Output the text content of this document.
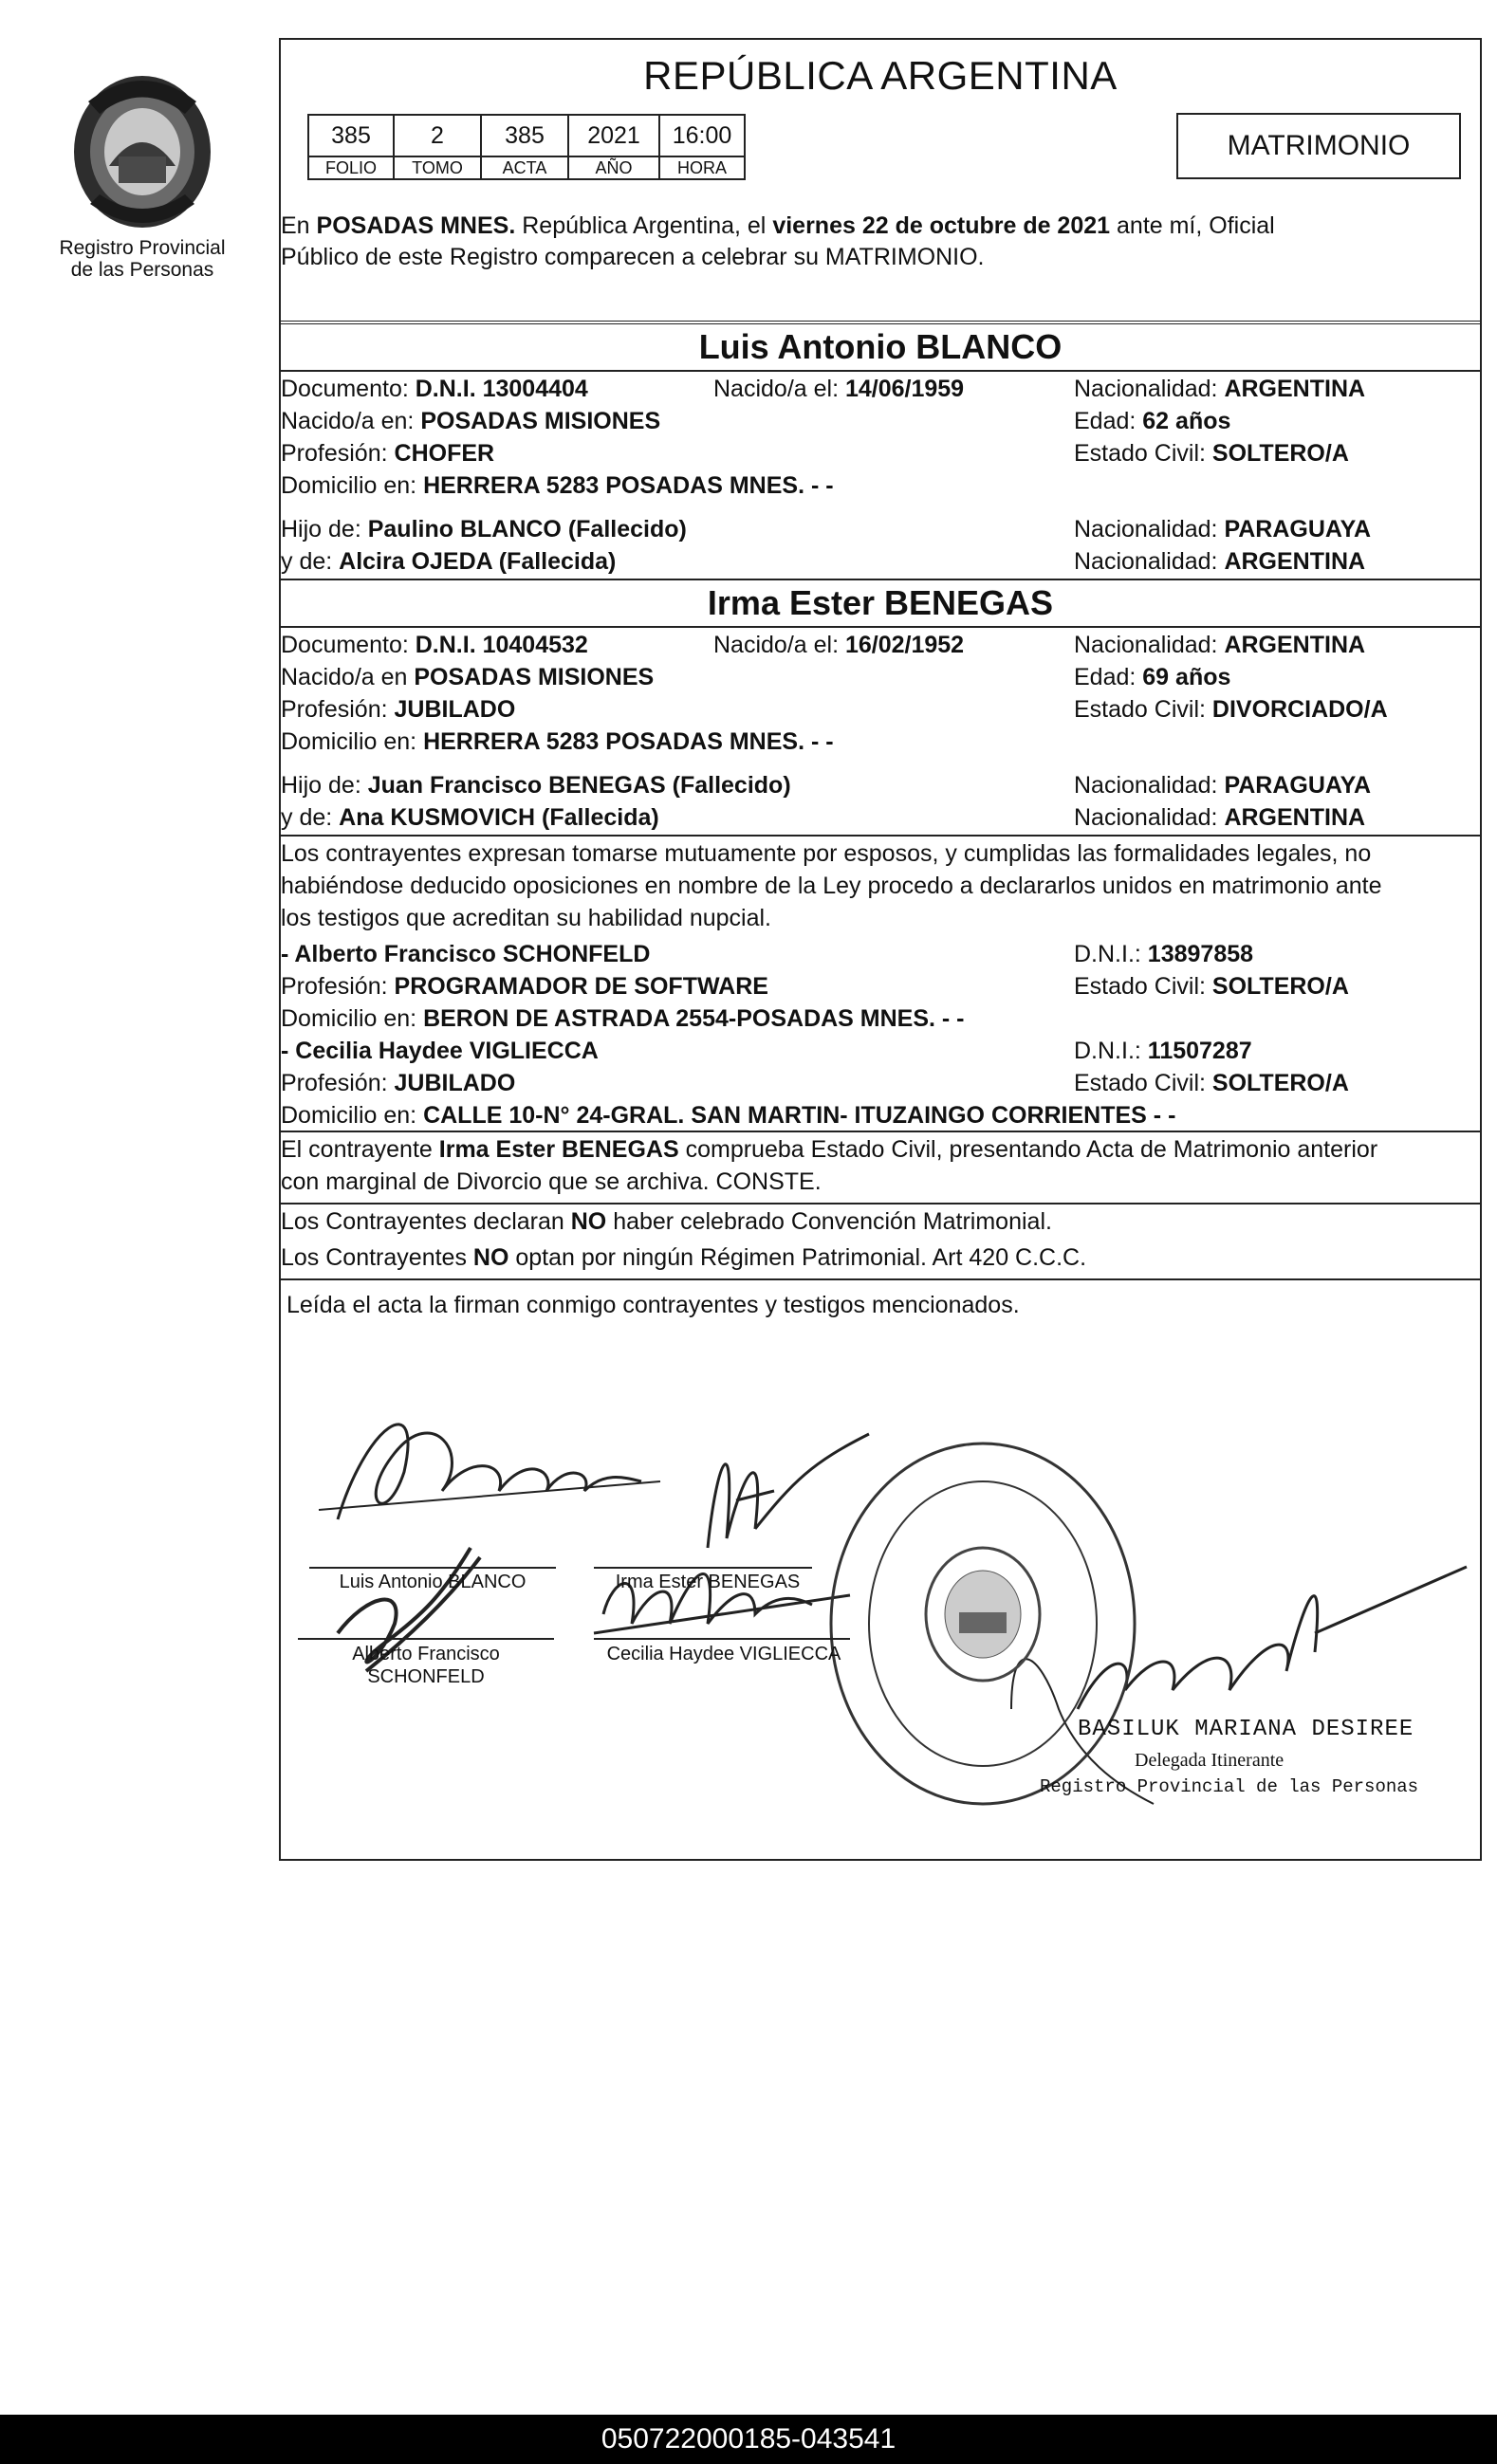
Registro Provincial
de las Personas
REPÚBLICA ARGENTINA
385	2	385	2021	16:00
FOLIO	TOMO	ACTA	AÑO	HORA
MATRIMONIO
En POSADAS MNES. República Argentina, el viernes 22 de octubre de 2021 ante mí, Oficial
Público de este Registro comparecen a celebrar su MATRIMONIO.
Luis Antonio BLANCO
Documento: D.N.I. 13004404	Nacido/a el: 14/06/1959	Nacionalidad: ARGENTINA
Nacido/a en: POSADAS MISIONES	Edad: 62 años
Profesión: CHOFER	Estado Civil: SOLTERO/A
Domicilio en: HERRERA 5283 POSADAS MNES. - -
Hijo de: Paulino BLANCO (Fallecido)	Nacionalidad: PARAGUAYA
y de: Alcira OJEDA (Fallecida)	Nacionalidad: ARGENTINA
Irma Ester BENEGAS
Documento: D.N.I. 10404532	Nacido/a el: 16/02/1952	Nacionalidad: ARGENTINA
Nacido/a en POSADAS MISIONES	Edad: 69 años
Profesión: JUBILADO	Estado Civil: DIVORCIADO/A
Domicilio en: HERRERA 5283 POSADAS MNES. - -
Hijo de: Juan Francisco BENEGAS (Fallecido)	Nacionalidad: PARAGUAYA
y de: Ana KUSMOVICH (Fallecida)	Nacionalidad: ARGENTINA
Los contrayentes expresan tomarse mutuamente por esposos, y cumplidas las formalidades legales, no
habiéndose deducido oposiciones en nombre de la Ley procedo a declararlos unidos en matrimonio ante
los testigos que acreditan su habilidad nupcial.
- Alberto Francisco SCHONFELD	D.N.I.: 13897858
Profesión: PROGRAMADOR DE SOFTWARE	Estado Civil: SOLTERO/A
Domicilio en: BERON DE ASTRADA 2554-POSADAS MNES. - -
- Cecilia Haydee VIGLIECCA	D.N.I.: 11507287
Profesión: JUBILADO	Estado Civil: SOLTERO/A
Domicilio en: CALLE 10-N° 24-GRAL. SAN MARTIN- ITUZAINGO CORRIENTES - -
El contrayente Irma Ester BENEGAS comprueba Estado Civil, presentando Acta de Matrimonio anterior
con marginal de Divorcio que se archiva. CONSTE.
Los Contrayentes declaran NO haber celebrado Convención Matrimonial.
Los Contrayentes NO optan por ningún Régimen Patrimonial. Art 420 C.C.C.
Leída el acta la firman conmigo contrayentes y testigos mencionados.
Luis Antonio BLANCO	Irma Ester BENEGAS
Alberto Francisco
SCHONFELD
Cecilia Haydee VIGLIECCA
BASILUK MARIANA DESIREE
Delegada Itinerante
Registro Provincial de las Personas
050722000185-043541
